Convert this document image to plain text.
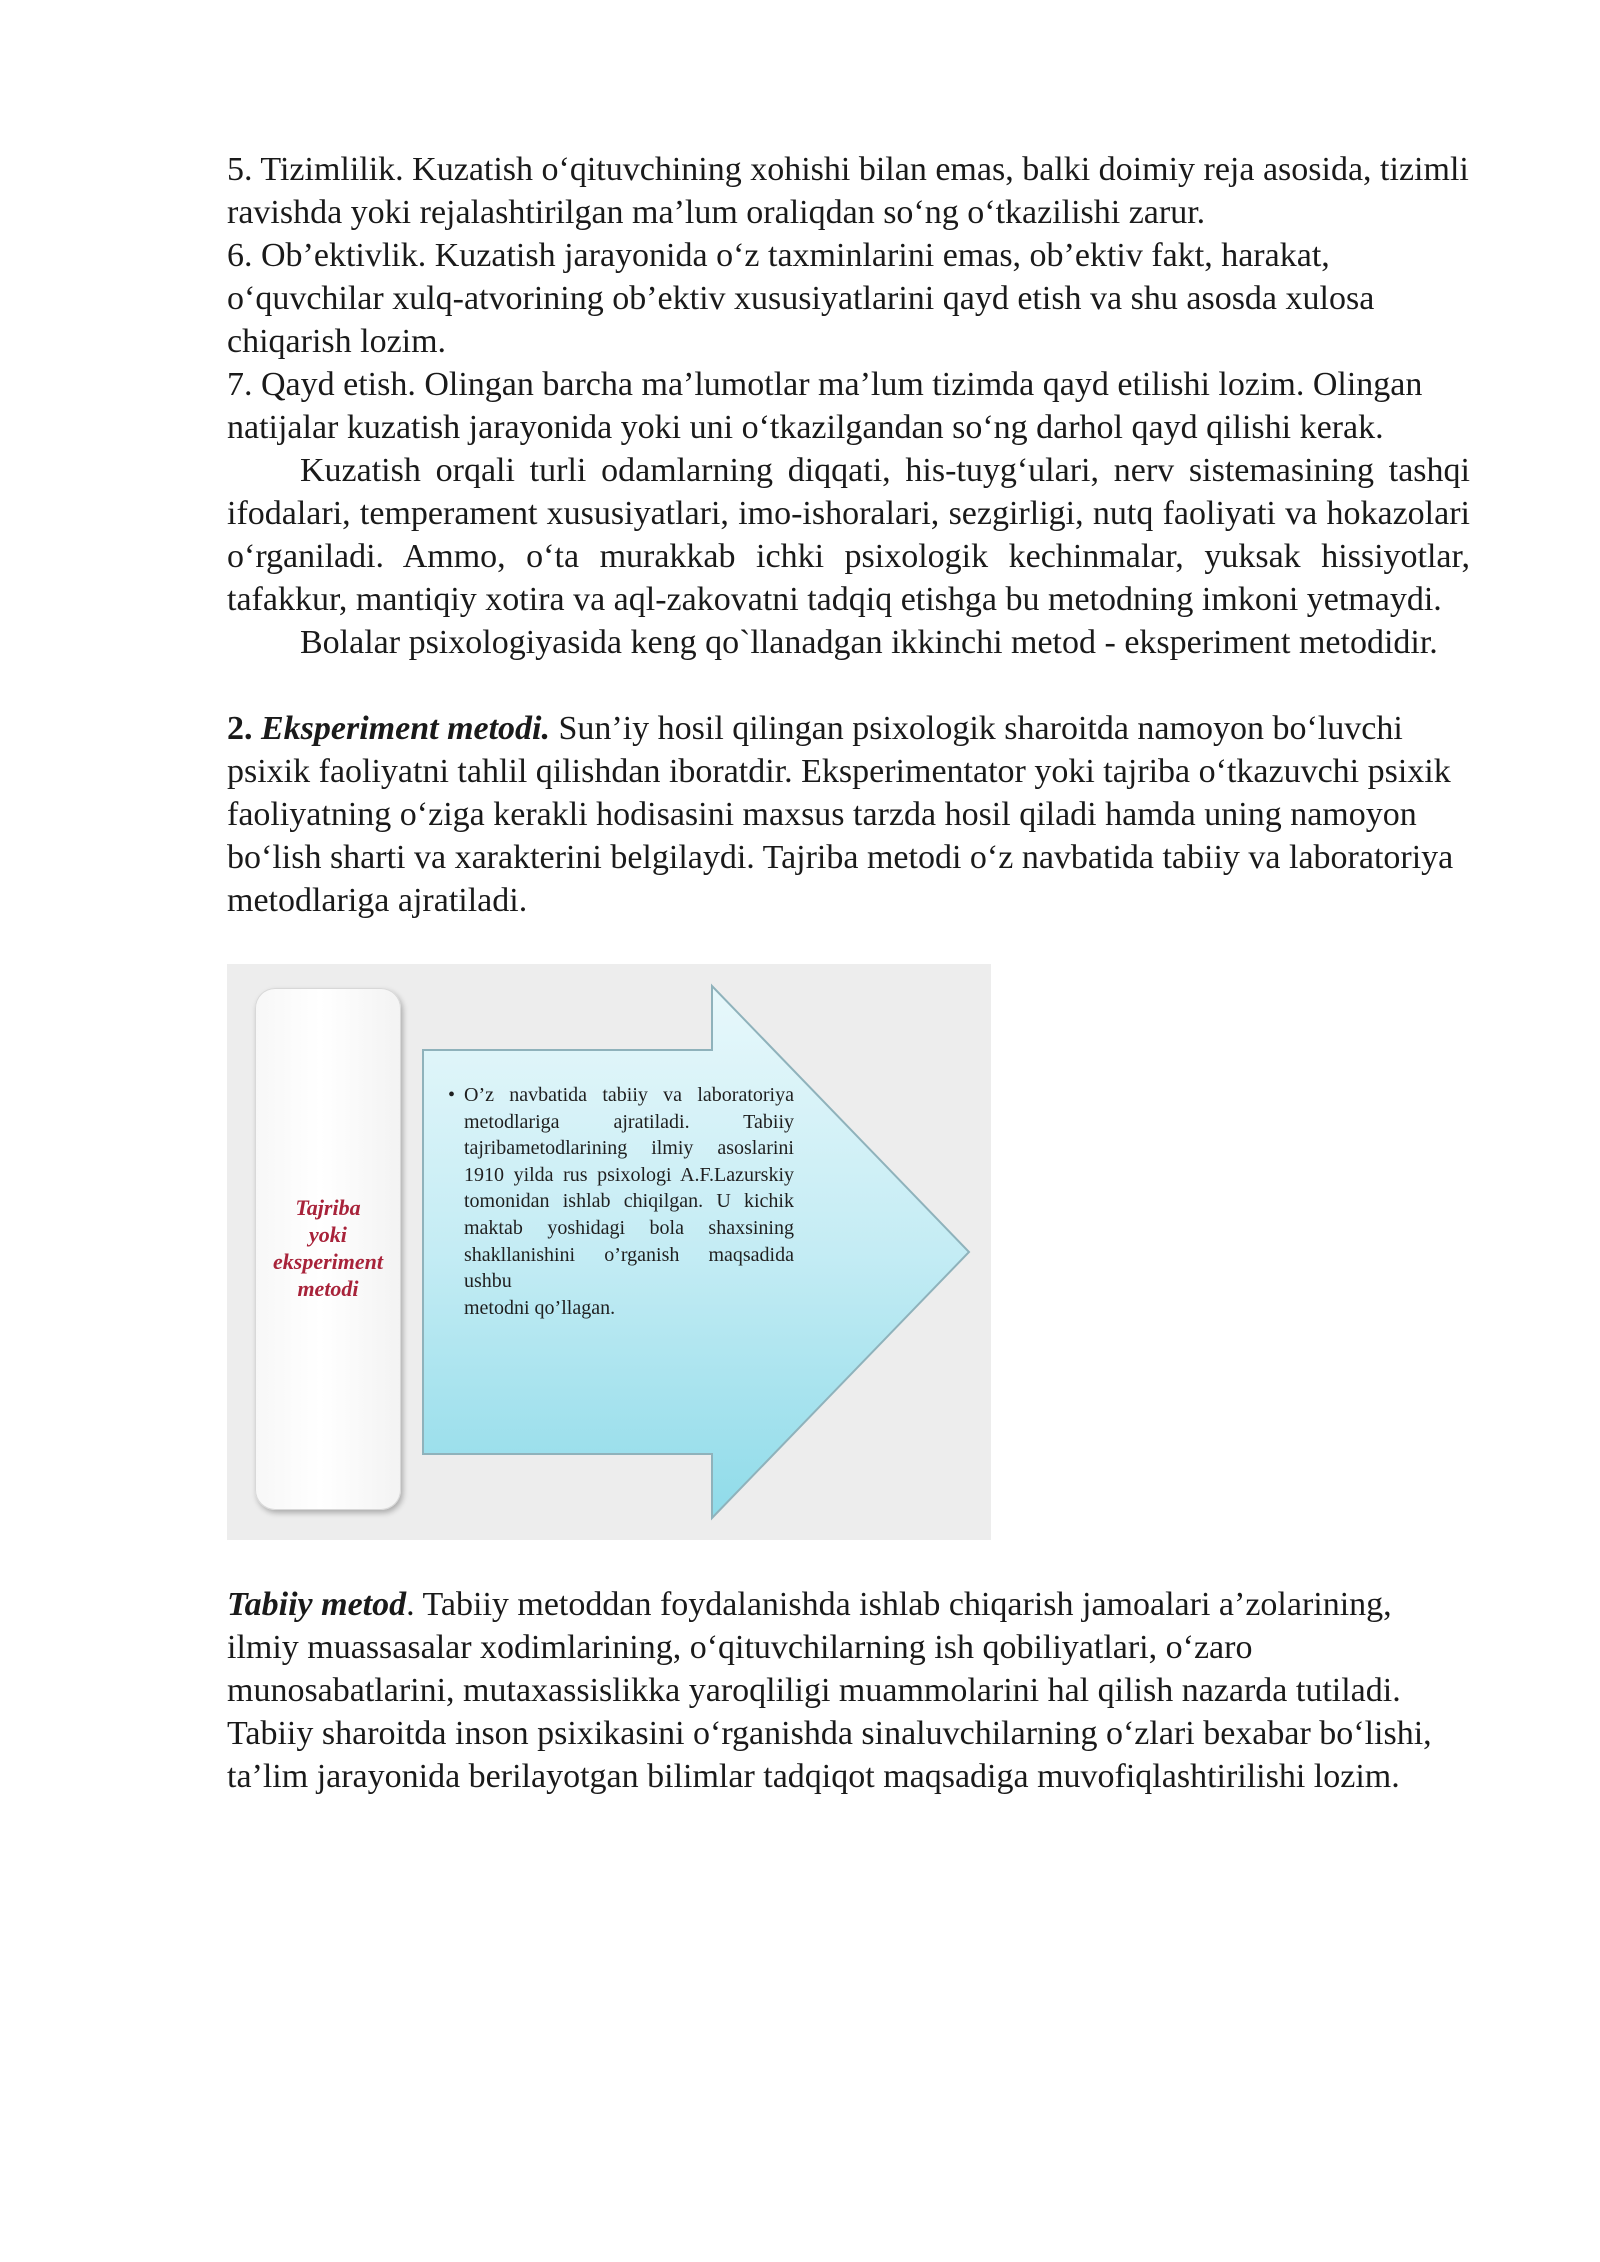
5. Tizimlilik. Kuzatish o‘qituvchining xohishi bilan emas, balki doimiy reja asosida, tizimli ravishda yoki rejalashtirilgan ma’lum oraliqdan so‘ng o‘tkazilishi zarur.

6. Ob’ektivlik. Kuzatish jarayonida o‘z taxminlarini emas, ob’ektiv fakt, harakat, o‘quvchilar xulq-atvorining ob’ektiv xususiyatlarini qayd etish va shu asosda xulosa chiqarish lozim.

7. Qayd etish. Olingan barcha ma’lumotlar ma’lum tizimda qayd etilishi lozim. Olingan natijalar kuzatish jarayonida yoki uni o‘tkazilgandan so‘ng darhol qayd qilishi kerak.

Kuzatish orqali turli odamlarning diqqati, his-tuyg‘ulari, nerv sistemasining tashqi ifodalari, temperament xususiyatlari, imo-ishoralari, sezgirligi, nutq faoliyati va hokazolari o‘rganiladi. Ammo, o‘ta murakkab ichki psixologik kechinmalar, yuksak hissiyotlar, tafakkur, mantiqiy xotira va aql-zakovatni tadqiq etishga bu metodning imkoni yetmaydi.

Bolalar psixologiyasida keng qo`llanadgan ikkinchi metod - eksperiment metodidir.

2. Eksperiment metodi. Sun’iy hosil qilingan psixologik sharoitda namoyon bo‘luvchi psixik faoliyatni tahlil qilishdan iboratdir. Eksperimentator yoki tajriba o‘tkazuvchi psixik faoliyatning o‘ziga kerakli hodisasini maxsus tarzda hosil qiladi hamda uning namoyon bo‘lish sharti va xarakterini belgilaydi. Tajriba metodi o‘z navbatida tabiiy va laboratoriya metodlariga ajratiladi.

Tajriba
yoki
eksperiment
metodi
• O’z navbatida tabiiy va laboratoriya metodlariga ajratiladi. Tabiiy tajribametodlarining ilmiy asoslarini 1910 yilda rus psixologi A.F.Lazurskiy tomonidan ishlab chiqilgan. U kichik maktab yoshidagi bola shaxsining shakllanishini o’rganish maqsadida ushbu
metodni qo’llagan.

Tabiiy metod. Tabiiy metoddan foydalanishda ishlab chiqarish jamoalari a’zolarining, ilmiy muassasalar xodimlarining, o‘qituvchilarning ish qobiliyatlari, o‘zaro munosabatlarini, mutaxassislikka yaroqliligi muammolarini hal qilish nazarda tutiladi. Tabiiy sharoitda inson psixikasini o‘rganishda sinaluvchilarning o‘zlari bexabar bo‘lishi, ta’lim jarayonida berilayotgan bilimlar tadqiqot maqsadiga muvofiqlashtirilishi lozim.
